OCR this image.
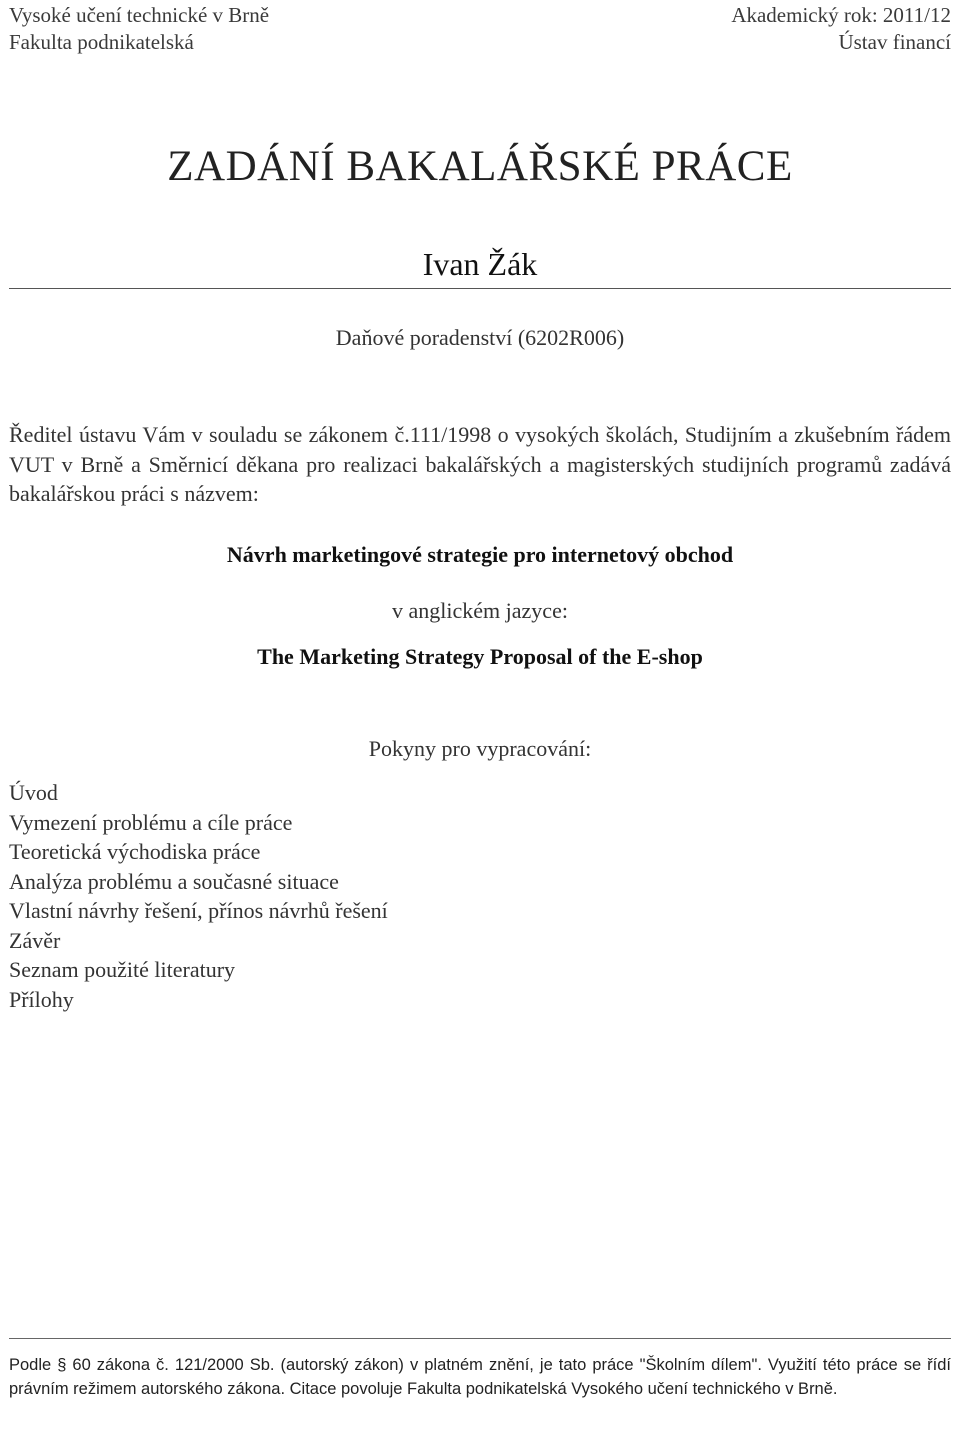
Vysoké učení technické v Brně
Fakulta podnikatelská
Akademický rok: 2011/12
Ústav financí
ZADÁNÍ BAKALÁŘSKÉ PRÁCE
Ivan Žák
Daňové poradenství (6202R006)
Ředitel ústavu Vám v souladu se zákonem č.111/1998 o vysokých školách, Studijním a zkušebním řádem VUT v Brně a Směrnicí děkana pro realizaci bakalářských a magisterských studijních programů zadává bakalářskou práci s názvem:
Návrh marketingové strategie pro internetový obchod
v anglickém jazyce:
The Marketing Strategy Proposal of the E-shop
Pokyny pro vypracování:
Úvod
Vymezení problému a cíle práce
Teoretická východiska práce
Analýza problému a současné situace
Vlastní návrhy řešení, přínos návrhů řešení
Závěr
Seznam použité literatury
Přílohy
Podle § 60 zákona č. 121/2000 Sb. (autorský zákon) v platném znění, je tato práce "Školním dílem". Využití této práce se řídí právním režimem autorského zákona. Citace povoluje Fakulta podnikatelská Vysokého učení technického v Brně.
